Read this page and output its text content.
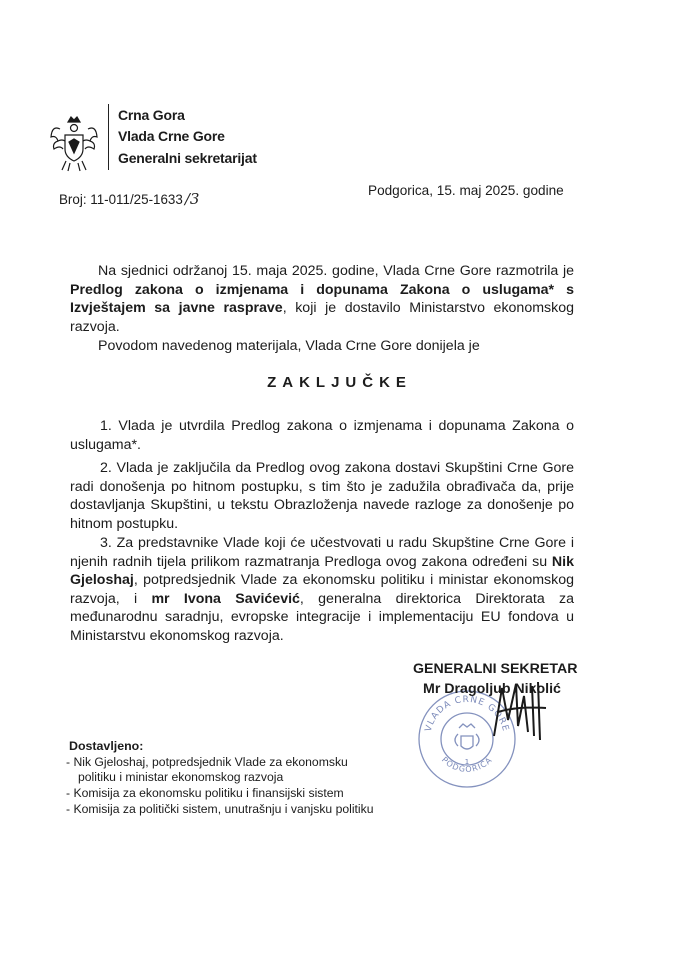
Crna Gora
Vlada Crne Gore
Generalni sekretarijat
Broj: 11-011/25-1633 /3	Podgorica, 15. maj 2025. godine
Na sjednici održanoj 15. maja 2025. godine, Vlada Crne Gore razmotrila je Predlog zakona o izmjenama i dopunama Zakona o uslugama* s Izvještajem sa javne rasprave, koji je dostavilo Ministarstvo ekonomskog razvoja.
Povodom navedenog materijala, Vlada Crne Gore donijela je
ZAKLJUČKE
1. Vlada je utvrdila Predlog zakona o izmjenama i dopunama Zakona o uslugama*.
2. Vlada je zaključila da Predlog ovog zakona dostavi Skupštini Crne Gore radi donošenja po hitnom postupku, s tim što je zadužila obrađivača da, prije dostavljanja Skupštini, u tekstu Obrazloženja navede razloge za donošenje po hitnom postupku.
3. Za predstavnike Vlade koji će učestvovati u radu Skupštine Crne Gore i njenih radnih tijela prilikom razmatranja Predloga ovog zakona određeni su Nik Gjeloshaj, potpredsjednik Vlade za ekonomsku politiku i ministar ekonomskog razvoja, i mr Ivona Savićević, generalna direktorica Direktorata za međunarodnu saradnju, evropske integracije i implementaciju EU fondova u Ministarstvu ekonomskog razvoja.
VLADA CRNE GORE
PODGORICA
1
GENERALNI SEKRETAR
Mr Dragoljub Nikolić
Dostavljeno:
- Nik Gjeloshaj, potpredsjednik Vlade za ekonomsku
politiku i ministar ekonomskog razvoja
- Komisija za ekonomsku politiku i finansijski sistem
- Komisija za politički sistem, unutrašnju i vanjsku politiku
